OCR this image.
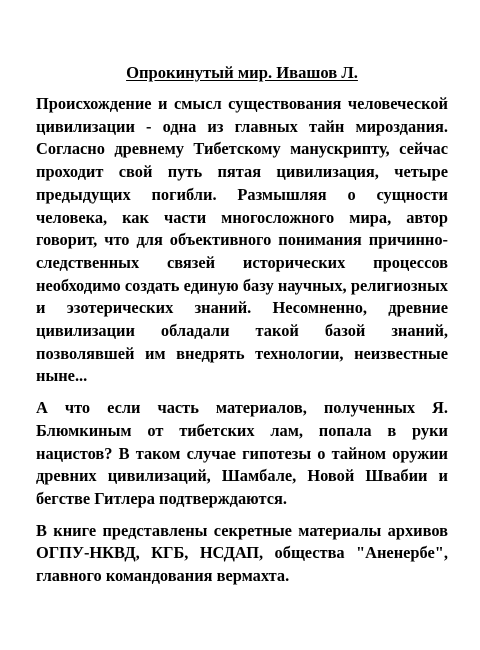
Опрокинутый мир. Ивашов Л.

Происхождение и смысл существования человеческой цивилизации - одна из главных тайн мироздания. Согласно древнему Тибетскому манускрипту, сейчас проходит свой путь пятая цивилизация, четыре предыдущих погибли. Размышляя о сущности человека, как части многосложного мира, автор говорит, что для объективного понимания причинно-следственных связей исторических процессов необходимо создать единую базу научных, религиозных и эзотерических знаний. Несомненно, древние цивилизации обладали такой базой знаний, позволявшей им внедрять технологии, неизвестные ныне...

А что если часть материалов, полученных Я. Блюмкиным от тибетских лам, попала в руки нацистов? В таком случае гипотезы о тайном оружии древних цивилизаций, Шамбале, Новой Швабии и бегстве Гитлера подтверждаются.

В книге представлены секретные материалы архивов ОГПУ-НКВД, КГБ, НСДАП, общества "Аненербе", главного командования вермахта.
